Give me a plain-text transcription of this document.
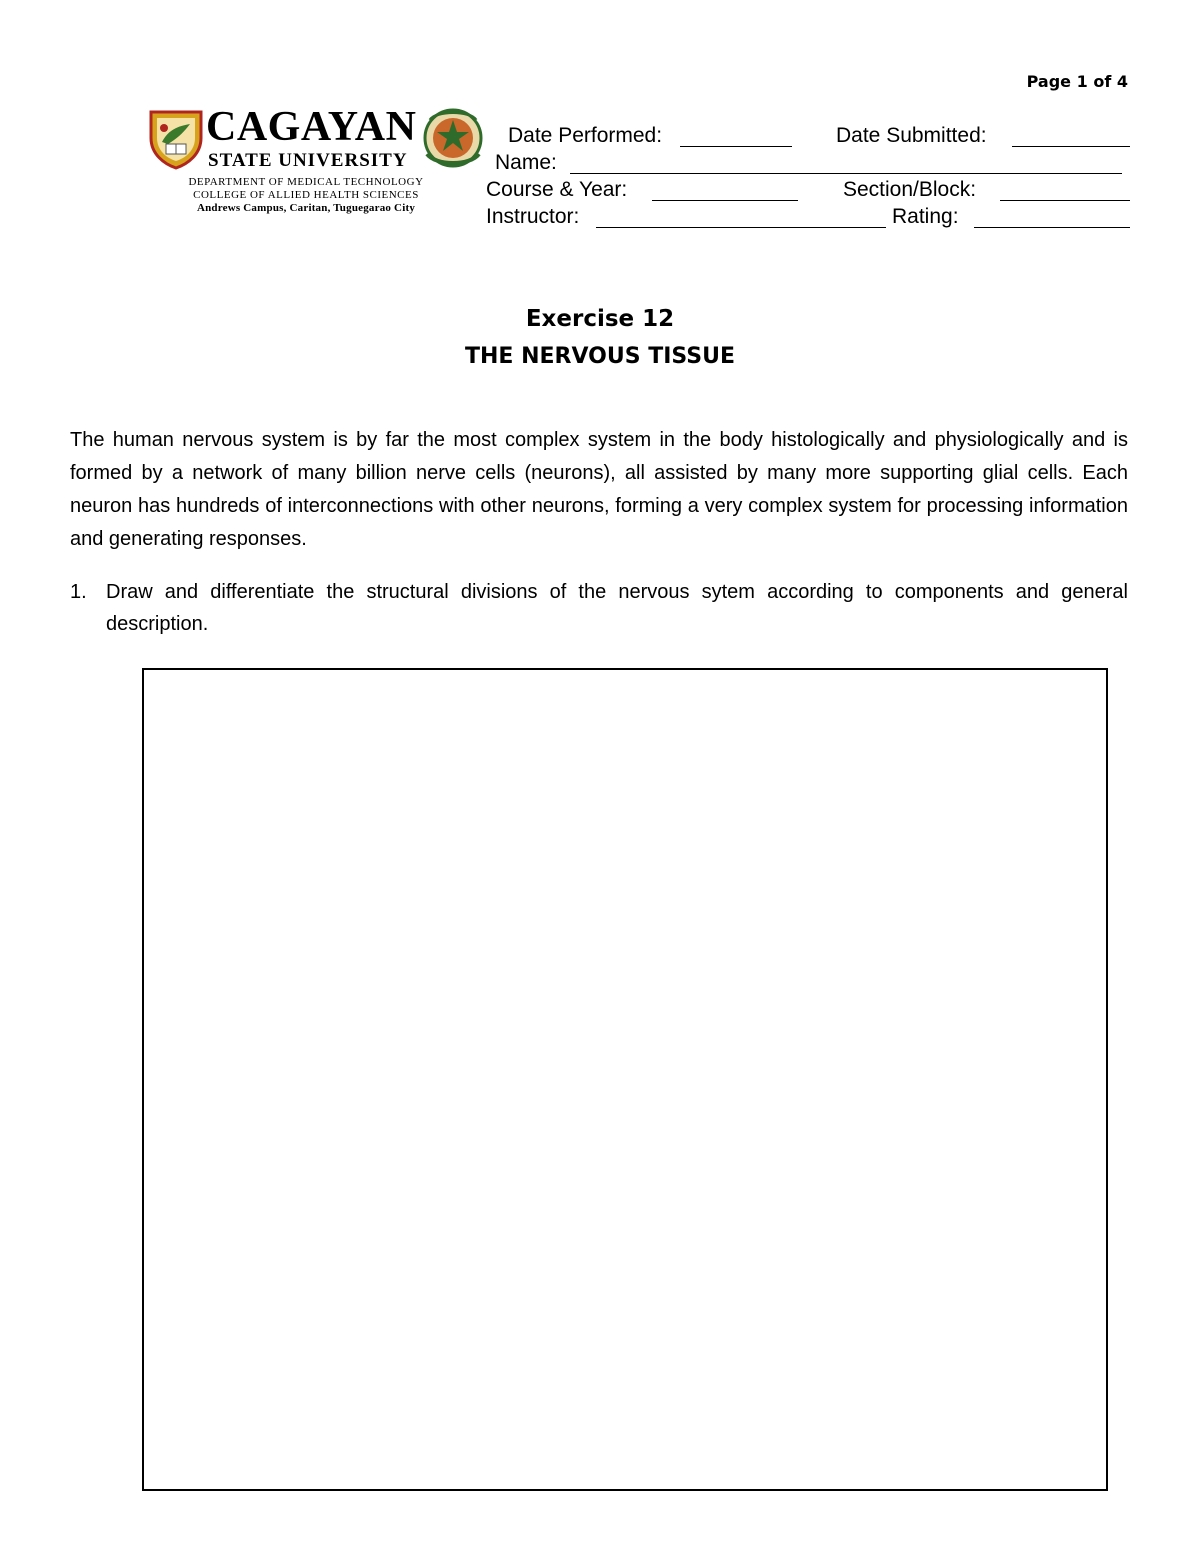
Page 1 of 4
CAGAYAN
STATE UNIVERSITY
DEPARTMENT OF MEDICAL TECHNOLOGY
COLLEGE OF ALLIED HEALTH SCIENCES
Andrews Campus, Caritan, Tuguegarao City
Date Performed:	Date Submitted:
Name:
Course & Year:	Section/Block:
Instructor:	Rating:
Exercise 12
THE NERVOUS TISSUE

The human nervous system is by far the most complex system in the body histologically and physiologically and is formed by a network of many billion nerve cells (neurons), all assisted by many more supporting glial cells. Each neuron has hundreds of interconnections with other neurons, forming a very complex system for processing information and generating responses.

1. Draw and differentiate the structural divisions of the nervous sytem according to components and general description.
